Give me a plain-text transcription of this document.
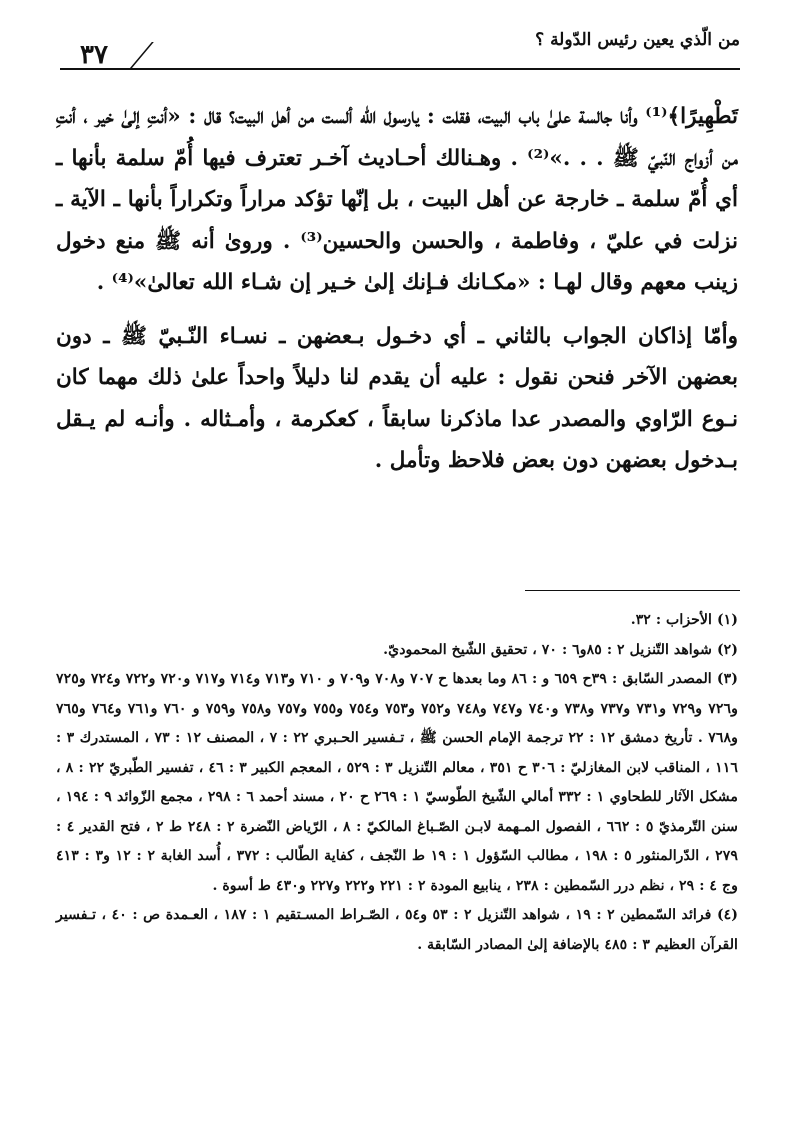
من الّذي يعين رئيس الدّولة ؟
٣٧

تَطْهِيرًا﴾⁽¹⁾ وأنا جالسة علىٰ باب البيت، فقلت : يارسول الله ألست من أهل البيت؟ قال : «أنتِ إلىٰ خير ، أنتِ من أزواج النّبيّ ﷺ . . .»⁽²⁾ . وهـنالك أحـاديث آخـر تعترف فيها أُمّ سلمة بأنها ـ أي أُمّ سلمة ـ خارجة عن أهل البيت ، بل إنّها تؤكد مراراً وتكراراً بأنها ـ الآية ـ نزلت في عليّ ، وفاطمة ، والحسن والحسين⁽³⁾ . وروىٰ أنه ﷺ منع دخول زينب معهم وقال لهـا : «مكـانك فـإنك إلىٰ خـير إن شـاء الله تعالىٰ»⁽⁴⁾ .

وأمّا إذاكان الجواب بالثاني ـ أي دخـول بـعضهن ـ نسـاء النّـبيّ ﷺ ـ دون بعضهن الآخر فنحن نقول : عليه أن يقدم لنا دليلاً واحداً علىٰ ذلك مهما كان نـوع الرّاوي والمصدر عدا ماذكرنا سابقاً ، كعكرمة ، وأمـثاله . وأنـه لم يـقل بـدخول بعضهن دون بعض فلاحظ وتأمل .

(١) الأحزاب : ٣٢.

(٢) شواهد التّنزيل ٢ : ٨٥و٦ : ٧٠ ، تحقيق الشّيخ المحموديّ.

(٣) المصدر السّابق : ٣٩ح ٦٥٩ و : ٨٦ وما بعدها ح ٧٠٧ و٧٠٨ و٧٠٩ و ٧١٠ و٧١٣ و٧١٤ و٧١٧ و٧٢٠ و٧٢٢ و٧٢٤ و٧٢٥ و٧٢٦ و٧٢٩ و٧٣١ و٧٣٧ و٧٣٨ و٧٤٠ و٧٤٧ و٧٤٨ و٧٥٢ و٧٥٣ و٧٥٤ و٧٥٥ و٧٥٧ و٧٥٨ و٧٥٩ و ٧٦٠ و٧٦١ و٧٦٤ و٧٦٥ و٧٦٨ . تأريخ دمشق ١٢ : ٢٢ ترجمة الإمام الحسن ﷺ ، تـفسير الحـبري ٢٢ : ٧ ، المصنف ١٢ : ٧٣ ، المستدرك ٣ : ١١٦ ، المناقب لابن المغازليّ : ٣٠٦ ح ٣٥١ ، معالم التّنزيل ٣ : ٥٢٩ ، المعجم الكبير ٣ : ٤٦ ، تفسير الطّبريّ ٢٢ : ٨ ، مشكل الآثار للطحاوي ١ : ٣٣٢ أمالي الشّيخ الطّوسيّ ١ : ٢٦٩ ح ٢٠ ، مسند أحمد ٦ : ٢٩٨ ، مجمع الزّوائد ٩ : ١٩٤ ، سنن التّرمذيّ ٥ : ٦٦٢ ، الفصول المـهمة لابـن الصّـباغ المالكيّ : ٨ ، الرّياض النّضرة ٢ : ٢٤٨ ط ٢ ، فتح القدير ٤ : ٢٧٩ ، الدّرالمنثور ٥ : ١٩٨ ، مطالب السّؤول ١ : ١٩ ط النّجف ، كفاية الطّالب : ٣٧٢ ، أُسد الغابة ٢ : ١٢ و٣ : ٤١٣ وج ٤ : ٢٩ ، نظم درر السّمطين : ٢٣٨ ، ينابيع المودة ٢ : ٢٢١ و٢٢٢ و٢٢٧ و٤٣٠ ط أسوة .

(٤) فرائد السّمطين ٢ : ١٩ ، شواهد التّنزيل ٢ : ٥٣ و٥٤ ، الصّـراط المسـتقيم ١ : ١٨٧ ، العـمدة ص : ٤٠ ، تـفسير القرآن العظيم ٣ : ٤٨٥ بالإضافة إلىٰ المصادر السّابقة .
